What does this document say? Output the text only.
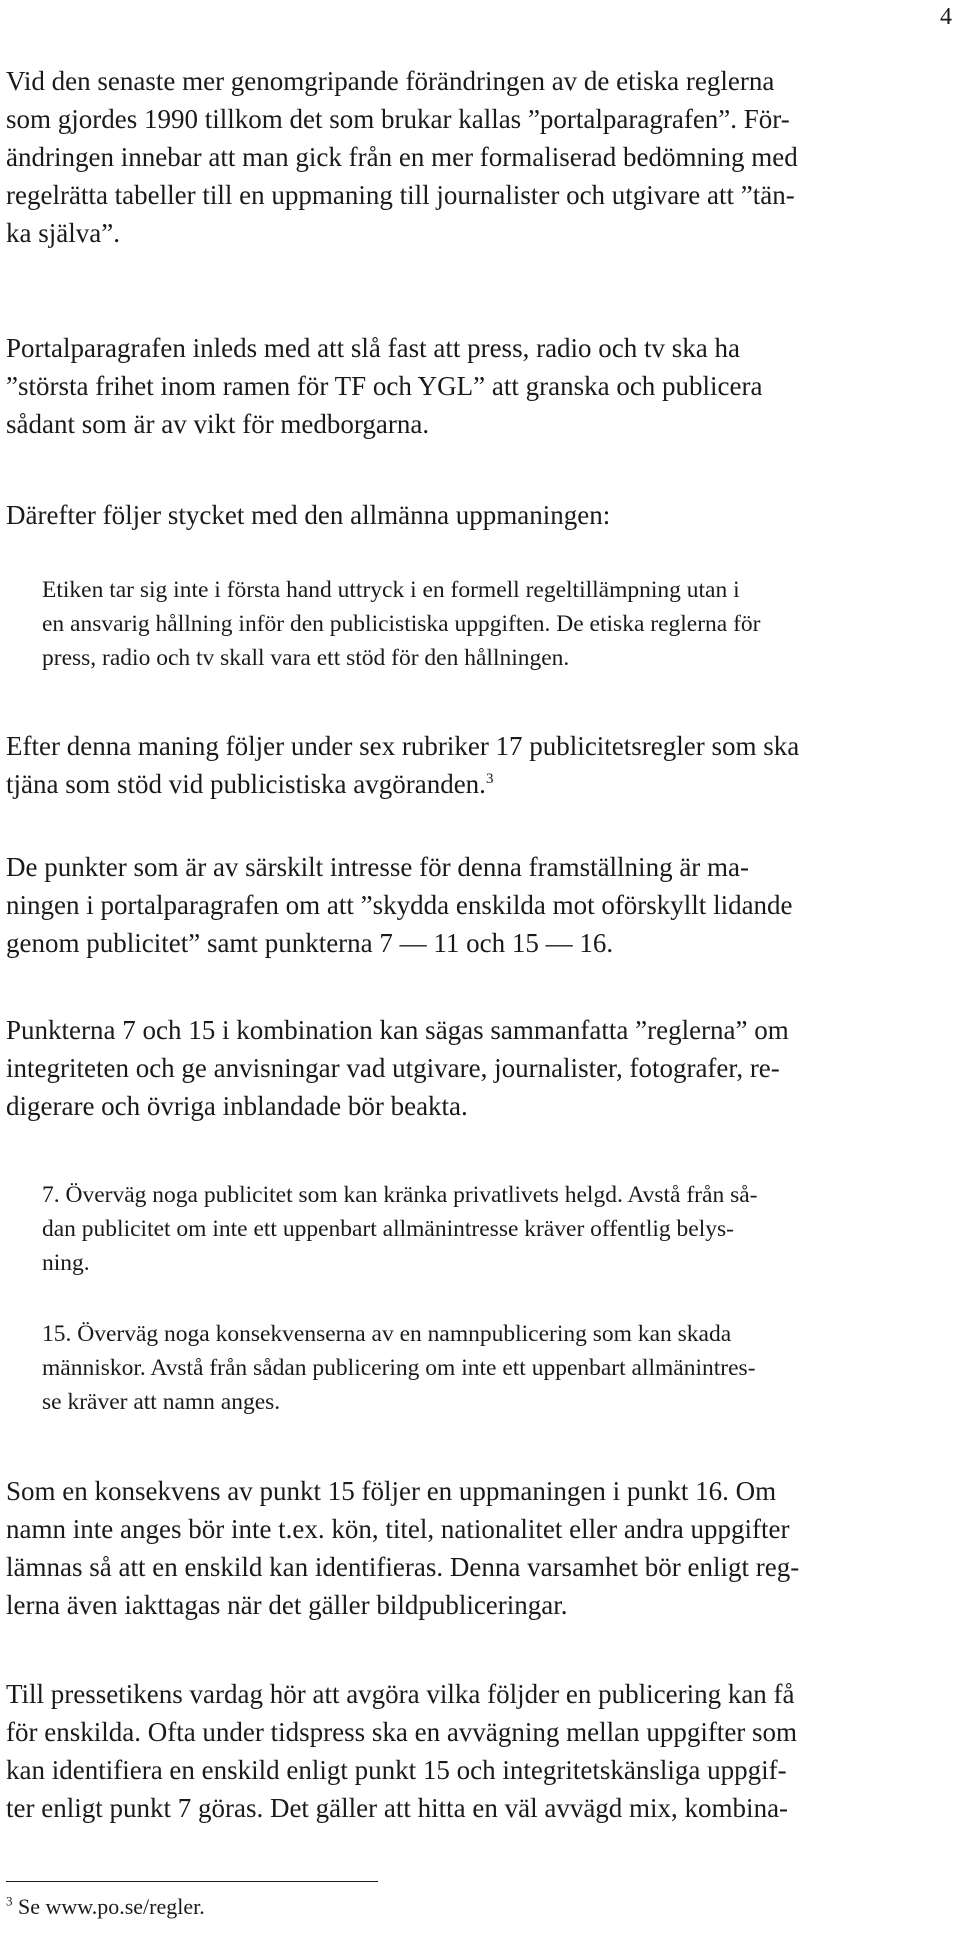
4

Vid den senaste mer genomgripande förändringen av de etiska reglerna
som gjordes 1990 tillkom det som brukar kallas ”portalparagrafen”. För-
ändringen innebar att man gick från en mer formaliserad bedömning med
regelrätta tabeller till en uppmaning till journalister och utgivare att ”tän-
ka själva”.

Portalparagrafen inleds med att slå fast att press, radio och tv ska ha
”största frihet inom ramen för TF och YGL” att granska och publicera
sådant som är av vikt för medborgarna.

Därefter följer stycket med den allmänna uppmaningen:

Etiken tar sig inte i första hand uttryck i en formell regeltillämpning utan i
en ansvarig hållning inför den publicistiska uppgiften. De etiska reglerna för
press, radio och tv skall vara ett stöd för den hållningen.

Efter denna maning följer under sex rubriker 17 publicitetsregler som ska
tjäna som stöd vid publicistiska avgöranden.$^3$

De punkter som är av särskilt intresse för denna framställning är ma-
ningen i portalparagrafen om att ”skydda enskilda mot oförskyllt lidande
genom publicitet” samt punkterna 7 — 11 och 15 — 16.

Punkterna 7 och 15 i kombination kan sägas sammanfatta ”reglerna” om
integriteten och ge anvisningar vad utgivare, journalister, fotografer, re-
digerare och övriga inblandade bör beakta.

7. Överväg noga publicitet som kan kränka privatlivets helgd. Avstå från så-
dan publicitet om inte ett uppenbart allmänintresse kräver offentlig belys-
ning.

15. Överväg noga konsekvenserna av en namnpublicering som kan skada
människor. Avstå från sådan publicering om inte ett uppenbart allmänintres-
se kräver att namn anges.

Som en konsekvens av punkt 15 följer en uppmaningen i punkt 16. Om
namn inte anges bör inte t.ex. kön, titel, nationalitet eller andra uppgifter
lämnas så att en enskild kan identifieras. Denna varsamhet bör enligt reg-
lerna även iakttagas när det gäller bildpubliceringar.

Till pressetikens vardag hör att avgöra vilka följder en publicering kan få
för enskilda. Ofta under tidspress ska en avvägning mellan uppgifter som
kan identifiera en enskild enligt punkt 15 och integritetskänsliga uppgif-
ter enligt punkt 7 göras. Det gäller att hitta en väl avvägd mix, kombina-

$^3$ Se www.po.se/regler.
